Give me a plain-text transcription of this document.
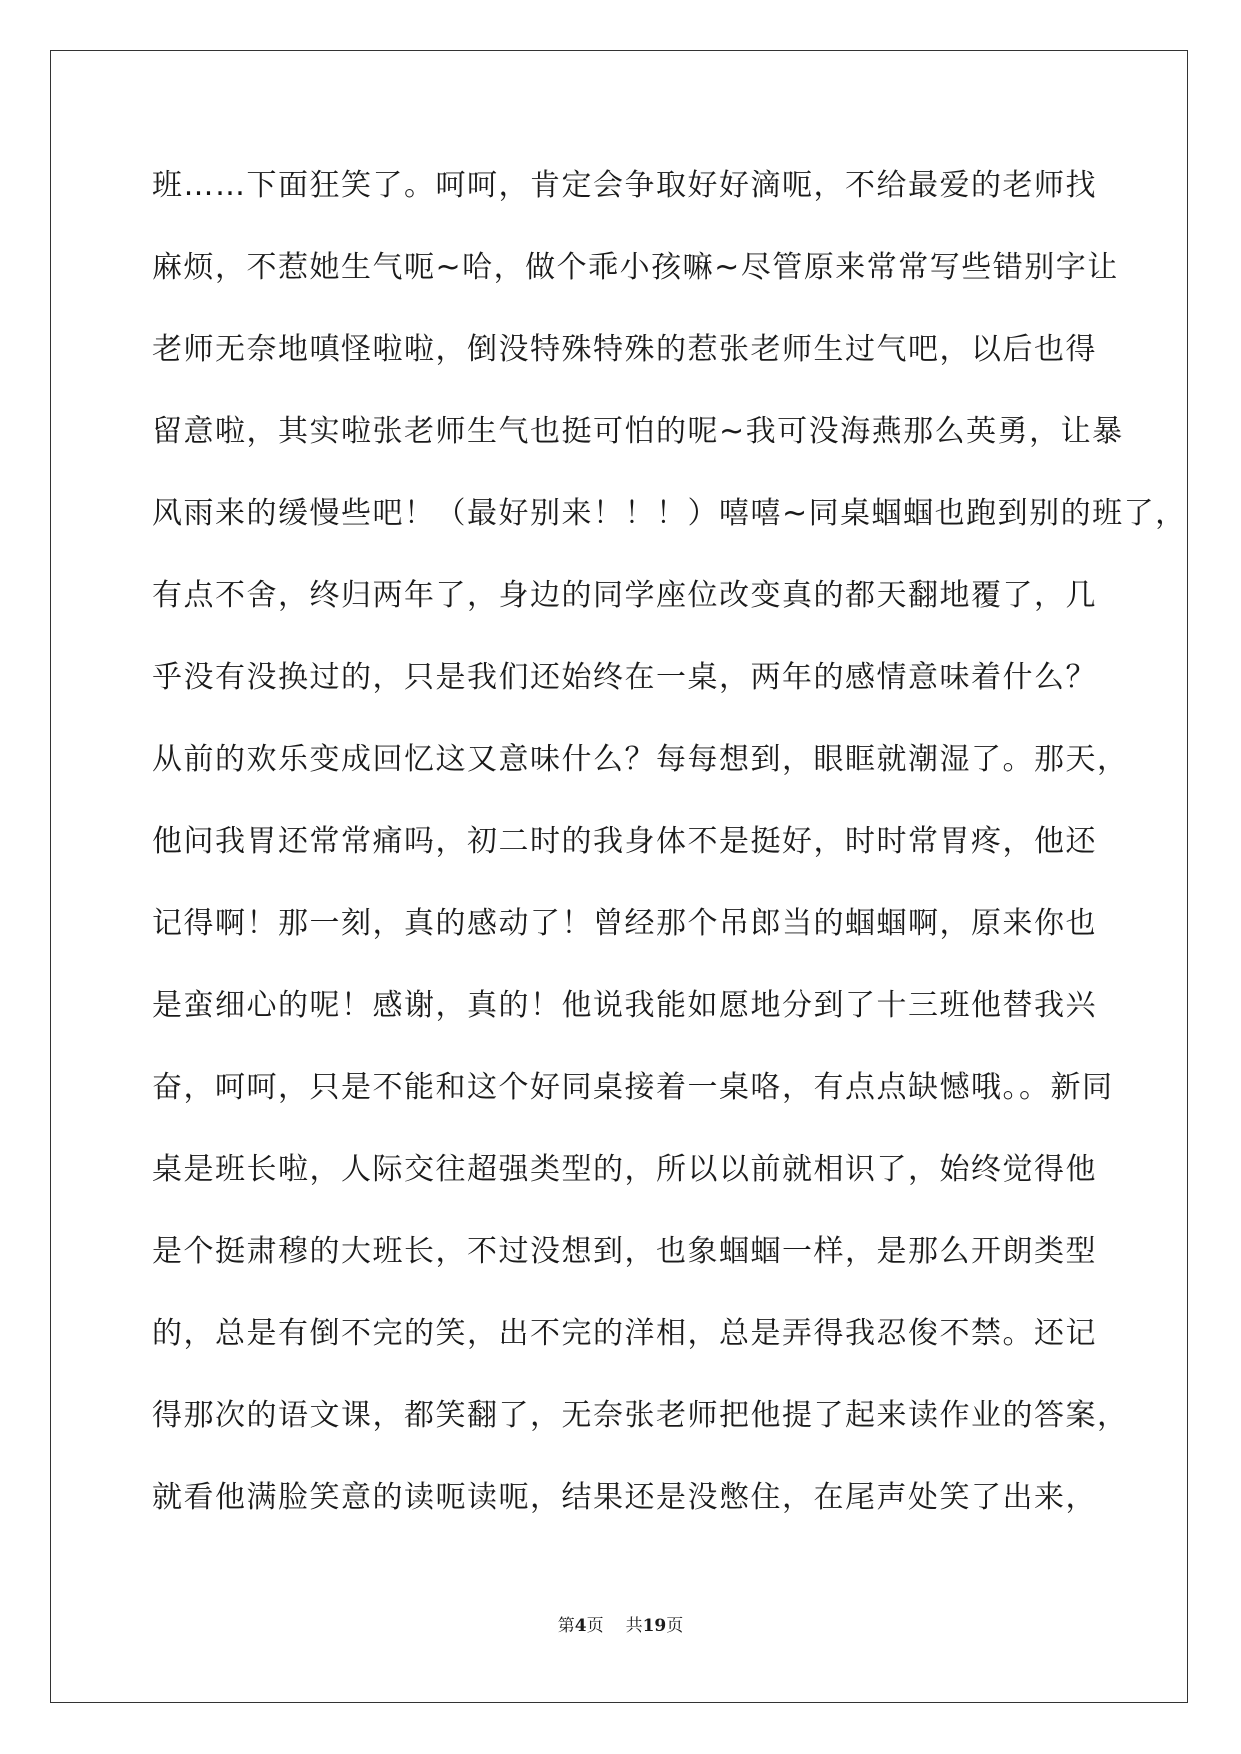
班……下面狂笑了。呵呵，肯定会争取好好滴呃，不给最爱的老师找
麻烦，不惹她生气呃~哈，做个乖小孩嘛~尽管原来常常写些错别字让
老师无奈地嗔怪啦啦，倒没特殊特殊的惹张老师生过气吧，以后也得
留意啦，其实啦张老师生气也挺可怕的呢~我可没海燕那么英勇，让暴
风雨来的缓慢些吧！（最好别来！！！）嘻嘻~同桌蝈蝈也跑到别的班了，
有点不舍，终归两年了，身边的同学座位改变真的都天翻地覆了，几
乎没有没换过的，只是我们还始终在一桌，两年的感情意味着什么？
从前的欢乐变成回忆这又意味什么？每每想到，眼眶就潮湿了。那天，
他问我胃还常常痛吗，初二时的我身体不是挺好，时时常胃疼，他还
记得啊！那一刻，真的感动了！曾经那个吊郎当的蝈蝈啊，原来你也
是蛮细心的呢！感谢，真的！他说我能如愿地分到了十三班他替我兴
奋，呵呵，只是不能和这个好同桌接着一桌咯，有点点缺憾哦。。新同
桌是班长啦，人际交往超强类型的，所以以前就相识了，始终觉得他
是个挺肃穆的大班长，不过没想到，也象蝈蝈一样，是那么开朗类型
的，总是有倒不完的笑，出不完的洋相，总是弄得我忍俊不禁。还记
得那次的语文课，都笑翻了，无奈张老师把他提了起来读作业的答案，
就看他满脸笑意的读呃读呃，结果还是没憋住，在尾声处笑了出来，
第4页 共19页
